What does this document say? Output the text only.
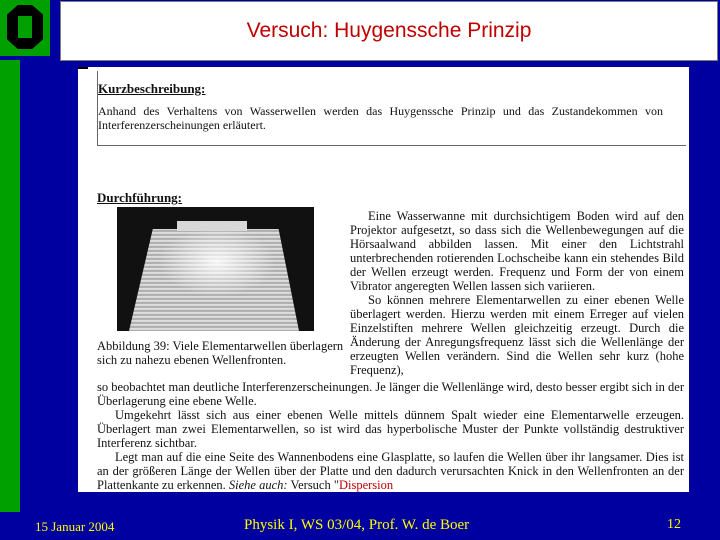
Versuch: Huygenssche Prinzip
Kurzbeschreibung:
Anhand des Verhaltens von Wasserwellen werden das Huygenssche Prinzip und das Zustandekommen von Interferenzerscheinungen erläutert.
Durchführung:
Abbildung 39: Viele Elementarwellen überlagern sich zu nahezu ebenen Wellenfronten.

Eine Wasserwanne mit durchsichtigem Boden wird auf den Projektor aufgesetzt, so dass sich die Wellenbewegungen auf die Hörsaalwand abbilden lassen. Mit einer den Lichtstrahl unterbrechenden rotierenden Lochscheibe kann ein stehendes Bild der Wellen erzeugt werden. Frequenz und Form der von einem Vibrator angeregten Wellen lassen sich variieren.

So können mehrere Elementarwellen zu einer ebenen Welle überlagert werden. Hierzu werden mit einem Erreger auf vielen Einzelstiften mehrere Wellen gleichzeitig erzeugt. Durch die Änderung der Anregungsfrequenz lässt sich die Wellenlänge der erzeugten Wellen verändern. Sind die Wellen sehr kurz (hohe Frequenz),

so beobachtet man deutliche Interferenzerscheinungen. Je länger die Wellenlänge wird, desto besser ergibt sich in der Überlagerung eine ebene Welle.

Umgekehrt lässt sich aus einer ebenen Welle mittels dünnem Spalt wieder eine Elementarwelle erzeugen. Überlagert man zwei Elementarwellen, so ist wird das hyperbolische Muster der Punkte vollständig destruktiver Interferenz sichtbar.

Legt man auf die eine Seite des Wannenbodens eine Glasplatte, so laufen die Wellen über ihr langsamer. Dies ist an der größeren Länge der Wellen über der Platte und den dadurch verursachten Knick in den Wellenfronten an der Plattenkante zu erkennen. Siehe auch: Versuch "Dispersion

15 Januar 2004	Physik I, WS 03/04, Prof. W. de Boer	12
